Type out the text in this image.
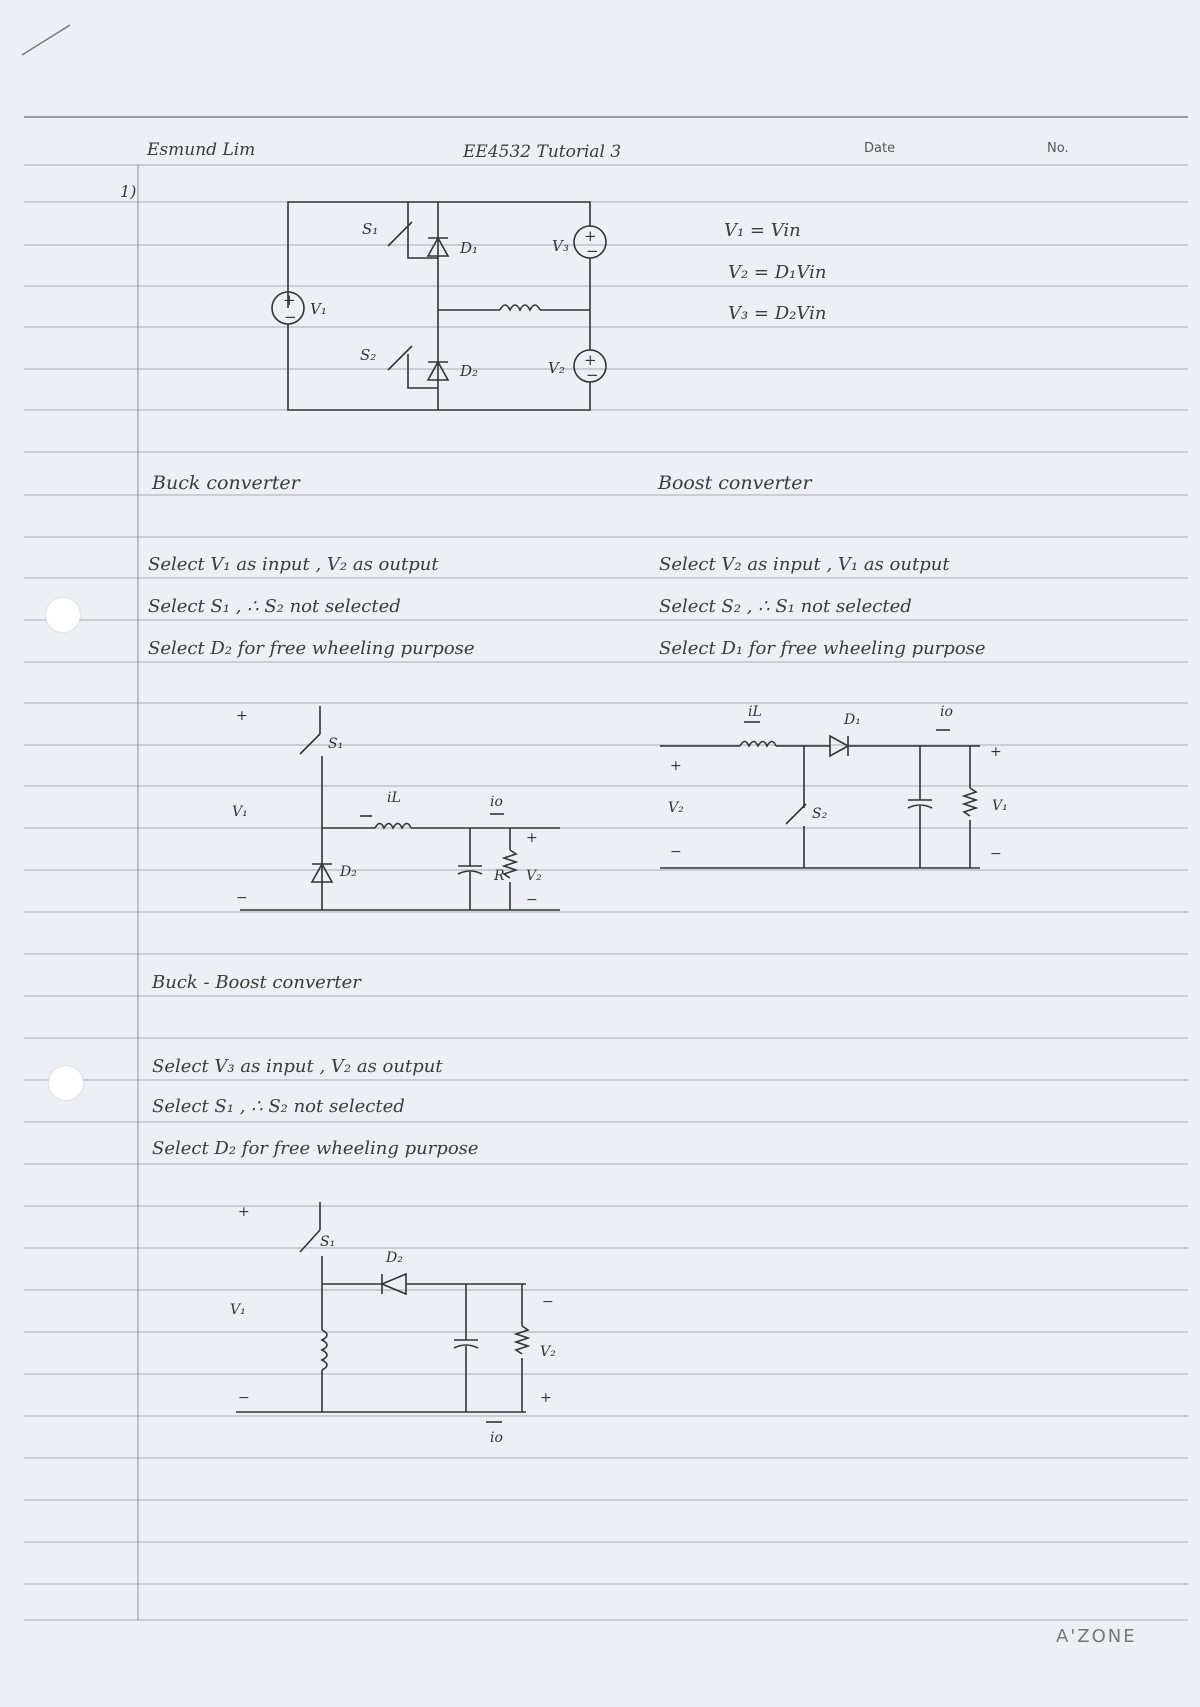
Esmund Lim	EE4532 Tutorial 3	Date	No.
1)
V₁ = Vin
V₂ = D₁Vin
V₃ = D₂Vin
+
− V₁
S₁
D₁	V₃
+
−
S₂
D₂	V₂ +
−
Buck converter
Select V₁ as input , V₂ as output
Select S₁ , ∴ S₂ not selected
Select D₂ for free wheeling purpose
Boost converter
Select V₂ as input , V₁ as output
Select S₂ , ∴ S₁ not selected
Select D₁ for free wheeling purpose
+
S₁
V₁
iL	io
D₂	R
+
V₂
−
−
iL	D₁	io
+
V₂
−
S₂
+
V₁
−
Buck - Boost converter
Select V₃ as input , V₂ as output
Select S₁ , ∴ S₂ not selected
Select D₂ for free wheeling purpose
+
S₁
D₂
V₁	−
V₂
+
−
io
A'ZONE
